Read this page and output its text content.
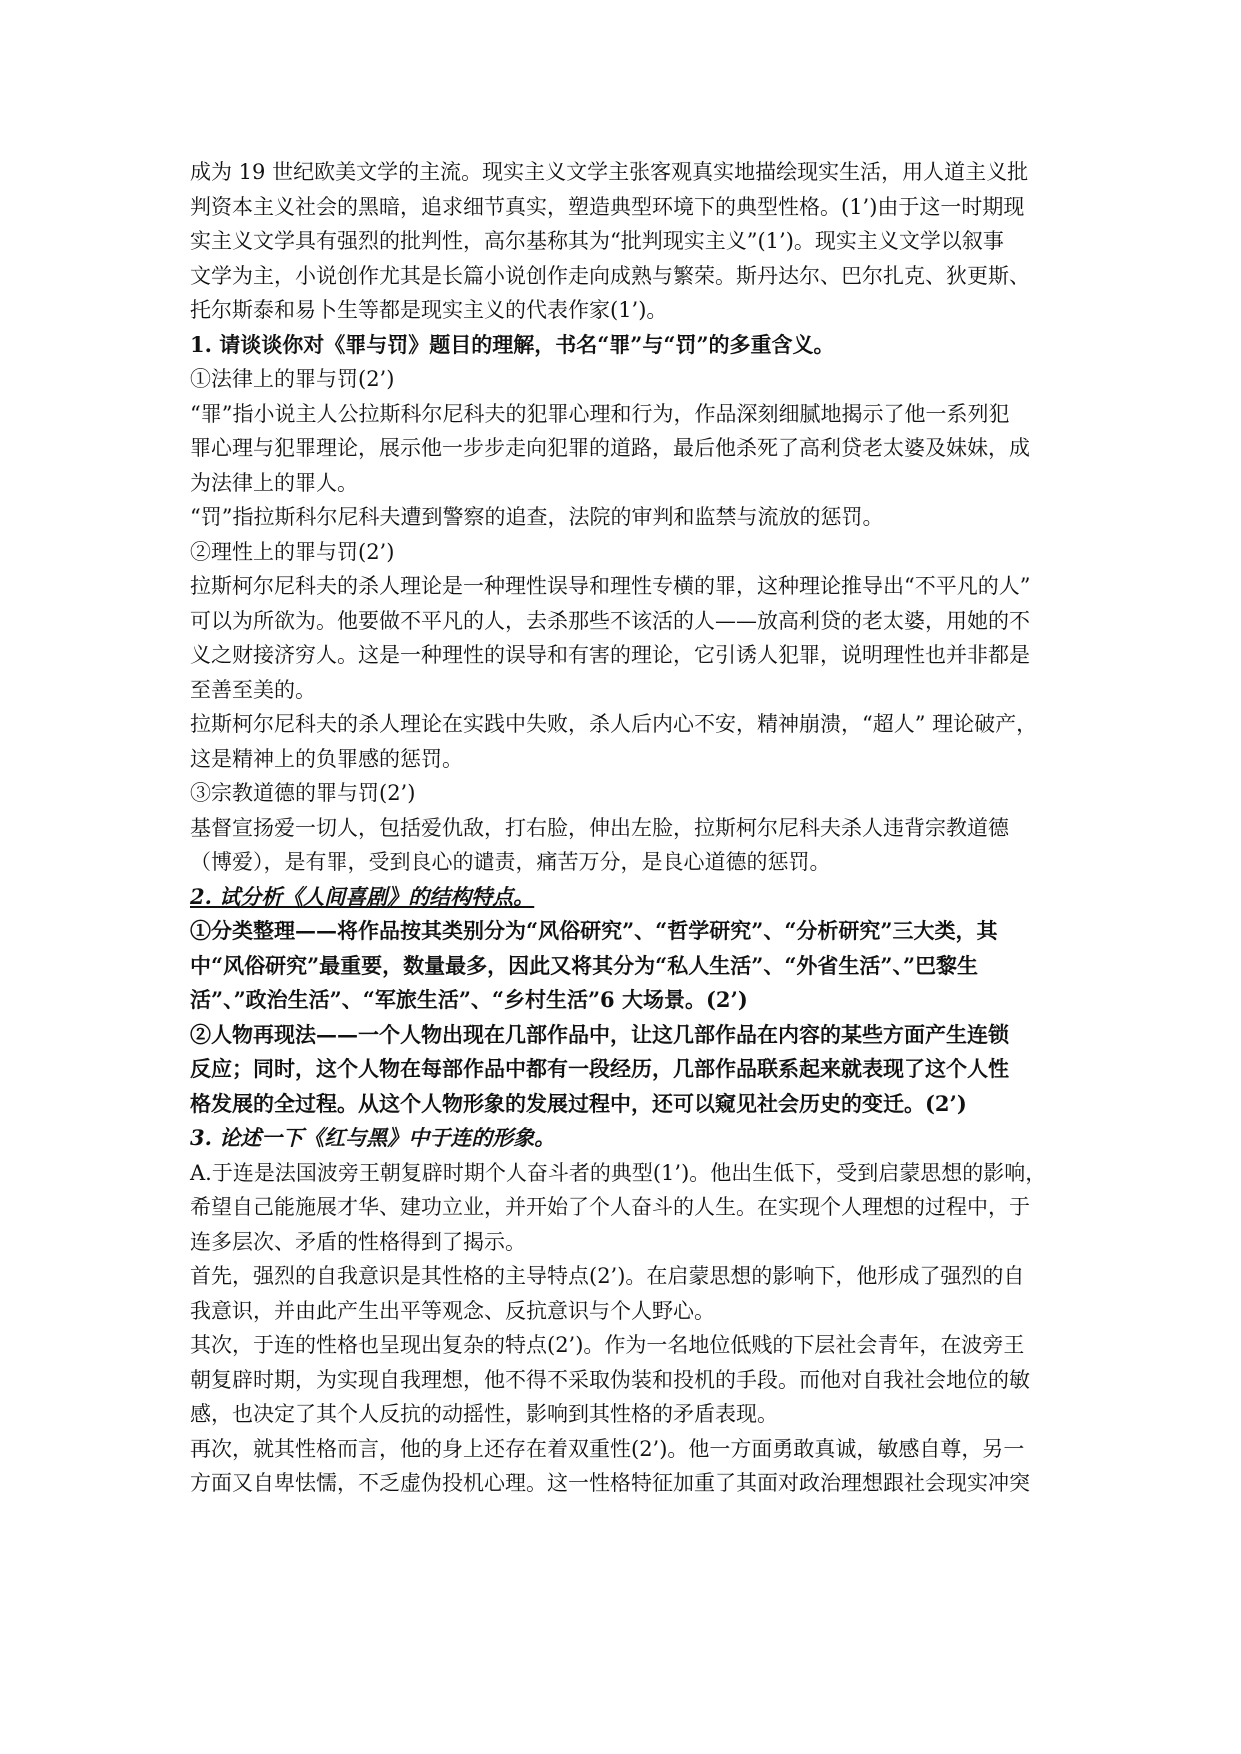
成为 19 世纪欧美文学的主流。现实主义文学主张客观真实地描绘现实生活，用人道主义批

判资本主义社会的黑暗，追求细节真实，塑造典型环境下的典型性格。(1’)由于这一时期现

实主义文学具有强烈的批判性，高尔基称其为“批判现实主义”(1’)。现实主义文学以叙事

文学为主，小说创作尤其是长篇小说创作走向成熟与繁荣。斯丹达尔、巴尔扎克、狄更斯、

托尔斯泰和易卜生等都是现实主义的代表作家(1’)。

1. 请谈谈你对《罪与罚》题目的理解，书名“罪”与“罚”的多重含义。

①法律上的罪与罚(2’)

“罪”指小说主人公拉斯科尔尼科夫的犯罪心理和行为，作品深刻细腻地揭示了他一系列犯

罪心理与犯罪理论，展示他一步步走向犯罪的道路，最后他杀死了高利贷老太婆及妹妹，成

为法律上的罪人。

“罚”指拉斯科尔尼科夫遭到警察的追查，法院的审判和监禁与流放的惩罚。

②理性上的罪与罚(2’)

拉斯柯尔尼科夫的杀人理论是一种理性误导和理性专横的罪，这种理论推导出“不平凡的人”

可以为所欲为。他要做不平凡的人，去杀那些不该活的人——放高利贷的老太婆，用她的不

义之财接济穷人。这是一种理性的误导和有害的理论，它引诱人犯罪，说明理性也并非都是

至善至美的。

拉斯柯尔尼科夫的杀人理论在实践中失败，杀人后内心不安，精神崩溃，“超人” 理论破产，

这是精神上的负罪感的惩罚。

③宗教道德的罪与罚(2’)

基督宣扬爱一切人，包括爱仇敌，打右脸，伸出左脸，拉斯柯尔尼科夫杀人违背宗教道德

（博爱），是有罪，受到良心的谴责，痛苦万分，是良心道德的惩罚。

2. 试分析《人间喜剧》的结构特点。

①分类整理——将作品按其类别分为“风俗研究”、“哲学研究”、“分析研究”三大类，其

中“风俗研究”最重要，数量最多，因此又将其分为“私人生活”、“外省生活”、”巴黎生

活”、”政治生活”、“军旅生活”、“乡村生活”6 大场景。(2’)

②人物再现法——一个人物出现在几部作品中，让这几部作品在内容的某些方面产生连锁

反应；同时，这个人物在每部作品中都有一段经历，几部作品联系起来就表现了这个人性

格发展的全过程。从这个人物形象的发展过程中，还可以窥见社会历史的变迁。(2’)

3. 论述一下《红与黑》中于连的形象。

A.于连是法国波旁王朝复辟时期个人奋斗者的典型(1’)。他出生低下，受到启蒙思想的影响，

希望自己能施展才华、建功立业，并开始了个人奋斗的人生。在实现个人理想的过程中，于

连多层次、矛盾的性格得到了揭示。

首先，强烈的自我意识是其性格的主导特点(2’)。在启蒙思想的影响下，他形成了强烈的自

我意识，并由此产生出平等观念、反抗意识与个人野心。

其次，于连的性格也呈现出复杂的特点(2’)。作为一名地位低贱的下层社会青年，在波旁王

朝复辟时期，为实现自我理想，他不得不采取伪装和投机的手段。而他对自我社会地位的敏

感，也决定了其个人反抗的动摇性，影响到其性格的矛盾表现。

再次，就其性格而言，他的身上还存在着双重性(2’)。他一方面勇敢真诚，敏感自尊，另一

方面又自卑怯懦，不乏虚伪投机心理。这一性格特征加重了其面对政治理想跟社会现实冲突
